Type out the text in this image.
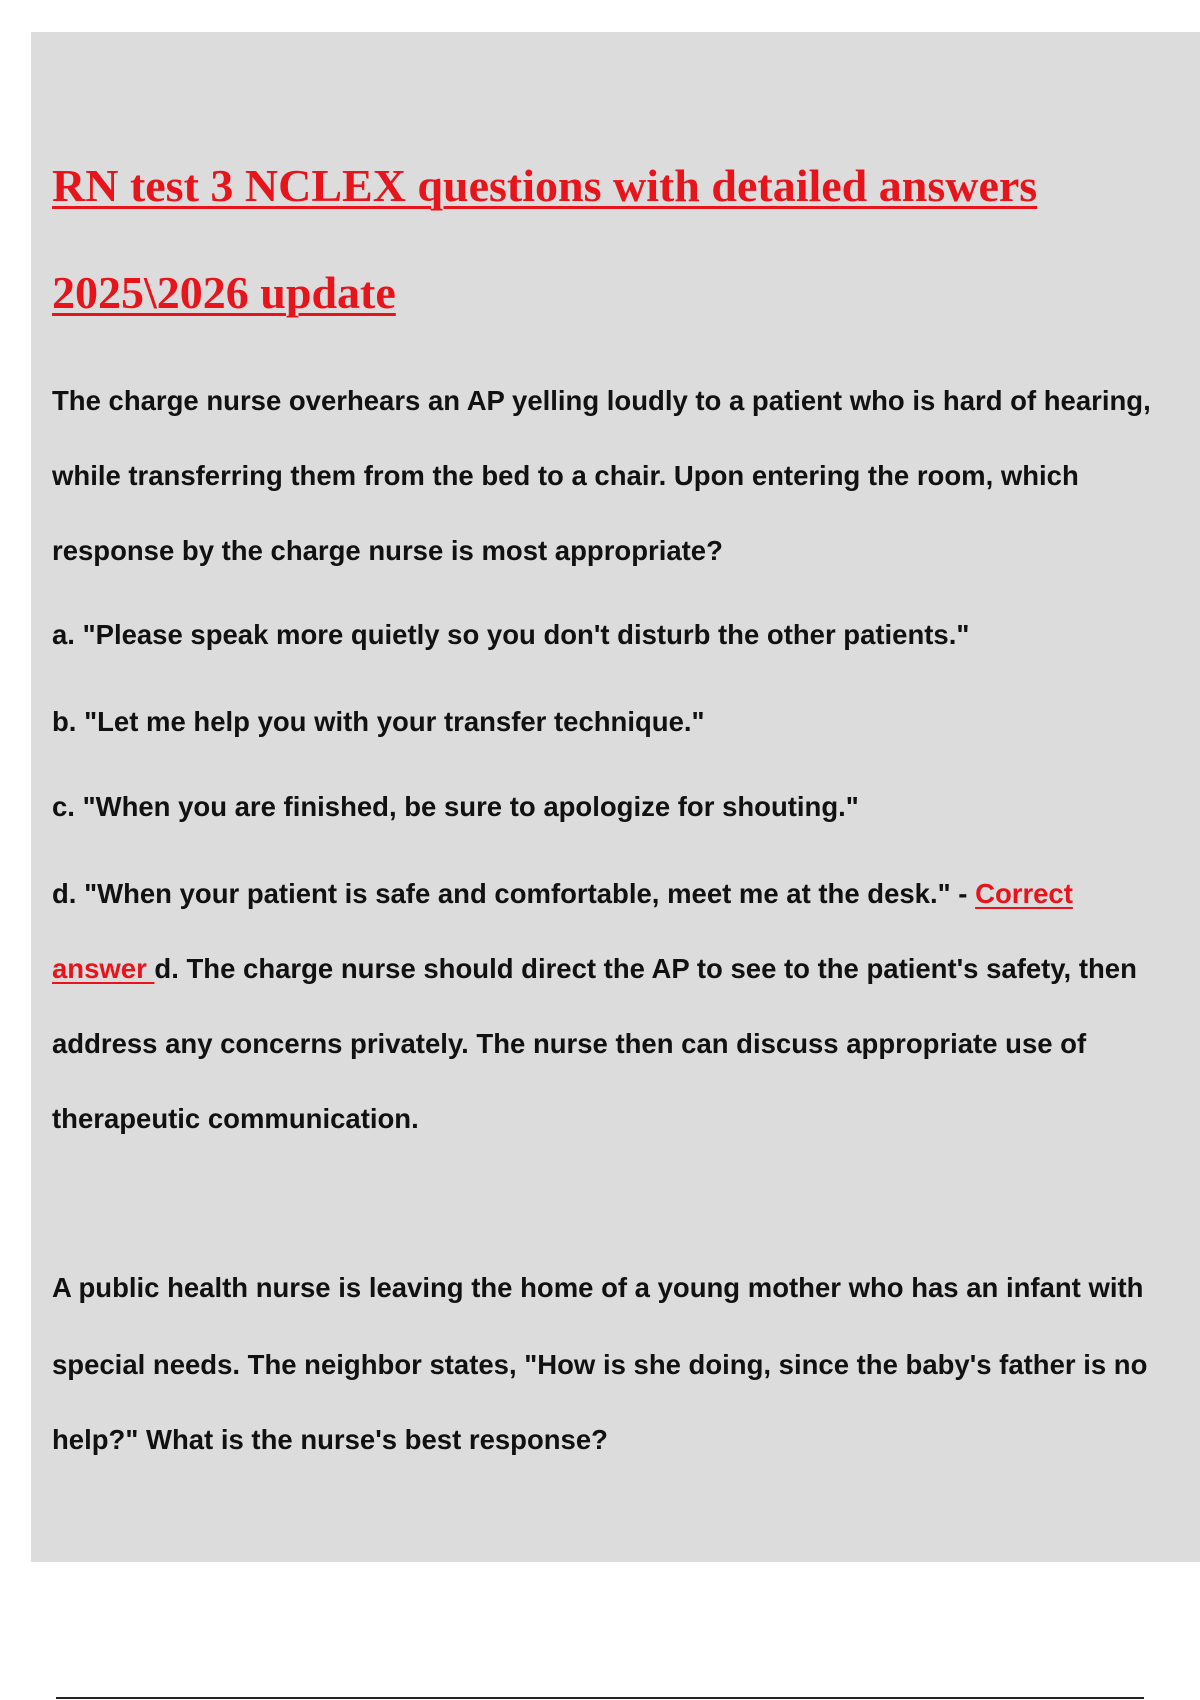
RN test 3 NCLEX questions with detailed answers
2025\2026 update

The charge nurse overhears an AP yelling loudly to a patient who is hard of hearing,

while transferring them from the bed to a chair. Upon entering the room, which

response by the charge nurse is most appropriate?

a. "Please speak more quietly so you don't disturb the other patients."

b. "Let me help you with your transfer technique."

c. "When you are finished, be sure to apologize for shouting."

d. "When your patient is safe and comfortable, meet me at the desk." - Correct

answer d. The charge nurse should direct the AP to see to the patient's safety, then

address any concerns privately. The nurse then can discuss appropriate use of

therapeutic communication.

A public health nurse is leaving the home of a young mother who has an infant with

special needs. The neighbor states, "How is she doing, since the baby's father is no

help?" What is the nurse's best response?
